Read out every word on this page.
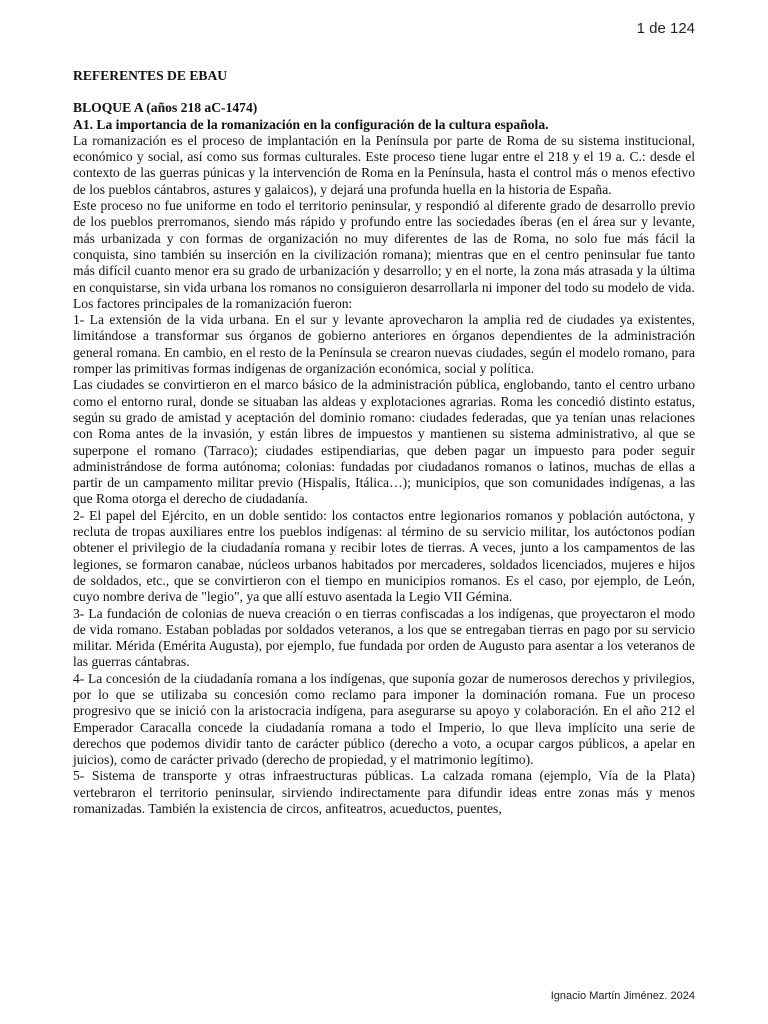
1 de 124

REFERENTES DE EBAU

BLOQUE A (años 218 aC-1474)

A1. La importancia de la romanización en la configuración de la cultura española.

La romanización es el proceso de implantación en la Península por parte de Roma de su sistema institucional, económico y social, así como sus formas culturales. Este proceso tiene lugar entre el 218 y el 19 a. C.: desde el contexto de las guerras púnicas y la intervención de Roma en la Península, hasta el control más o menos efectivo de los pueblos cántabros, astures y galaicos), y dejará una profunda huella en la historia de España.

Este proceso no fue uniforme en todo el territorio peninsular, y respondió al diferente grado de desarrollo previo de los pueblos prerromanos, siendo más rápido y profundo entre las sociedades íberas (en el área sur y levante, más urbanizada y con formas de organización no muy diferentes de las de Roma, no solo fue más fácil la conquista, sino también su inserción en la civilización romana); mientras que en el centro peninsular fue tanto más difícil cuanto menor era su grado de urbanización y desarrollo; y en el norte, la zona más atrasada y la última en conquistarse, sin vida urbana los romanos no consiguieron desarrollarla ni imponer del todo su modelo de vida.

Los factores principales de la romanización fueron:

1- La extensión de la vida urbana. En el sur y levante aprovecharon la amplia red de ciudades ya existentes, limitándose a transformar sus órganos de gobierno anteriores en órganos dependientes de la administración general romana. En cambio, en el resto de la Península se crearon nuevas ciudades, según el modelo romano, para romper las primitivas formas indígenas de organización económica, social y política.

Las ciudades se convirtieron en el marco básico de la administración pública, englobando, tanto el centro urbano como el entorno rural, donde se situaban las aldeas y explotaciones agrarias. Roma les concedió distinto estatus, según su grado de amistad y aceptación del dominio romano: ciudades federadas, que ya tenían unas relaciones con Roma antes de la invasión, y están libres de impuestos y mantienen su sistema administrativo, al que se superpone el romano (Tarraco); ciudades estipendiarias, que deben pagar un impuesto para poder seguir administrándose de forma autónoma; colonias: fundadas por ciudadanos romanos o latinos, muchas de ellas a partir de un campamento militar previo (Hispalis, Itálica…); municipios, que son comunidades indígenas, a las que Roma otorga el derecho de ciudadanía.

2- El papel del Ejército, en un doble sentido: los contactos entre legionarios romanos y población autóctona, y recluta de tropas auxiliares entre los pueblos indígenas: al término de su servicio militar, los autóctonos podían obtener el privilegio de la ciudadanía romana y recibir lotes de tierras. A veces, junto a los campamentos de las legiones, se formaron canabae, núcleos urbanos habitados por mercaderes, soldados licenciados, mujeres e hijos de soldados, etc., que se convirtieron con el tiempo en municipios romanos. Es el caso, por ejemplo, de León, cuyo nombre deriva de "legio", ya que allí estuvo asentada la Legio VII Gémina.

3- La fundación de colonias de nueva creación o en tierras confiscadas a los indígenas, que proyectaron el modo de vida romano. Estaban pobladas por soldados veteranos, a los que se entregaban tierras en pago por su servicio militar. Mérida (Emérita Augusta), por ejemplo, fue fundada por orden de Augusto para asentar a los veteranos de las guerras cántabras.

4- La concesión de la ciudadanía romana a los indígenas, que suponía gozar de numerosos derechos y privilegios, por lo que se utilizaba su concesión como reclamo para imponer la dominación romana. Fue un proceso progresivo que se inició con la aristocracia indígena, para asegurarse su apoyo y colaboración. En el año 212 el Emperador Caracalla concede la ciudadanía romana a todo el Imperio, lo que lleva implícito una serie de derechos que podemos dividir tanto de carácter público (derecho a voto, a ocupar cargos públicos, a apelar en juicios), como de carácter privado (derecho de propiedad, y el matrimonio legítimo).

5- Sistema de transporte y otras infraestructuras públicas. La calzada romana (ejemplo, Vía de la Plata) vertebraron el territorio peninsular, sirviendo indirectamente para difundir ideas entre zonas más y menos romanizadas. También la existencia de circos, anfiteatros, acueductos, puentes,

Ignacio Martín Jiménez. 2024
